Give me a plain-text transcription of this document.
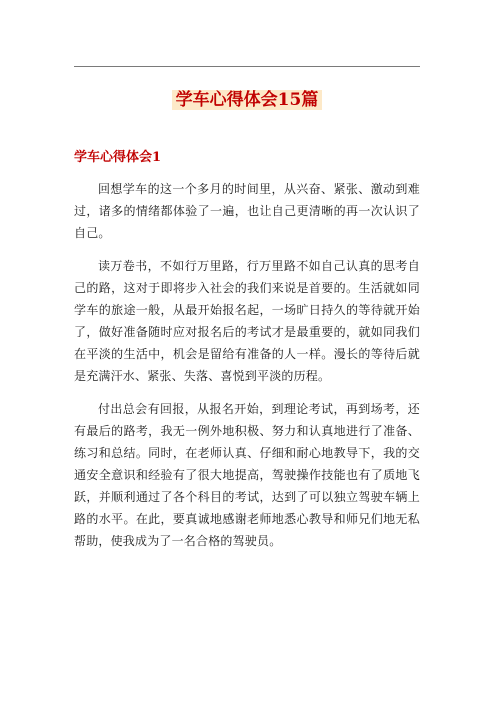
学车心得体会15篇
学车心得体会1

回想学车的这一个多月的时间里，从兴奋、紧张、激动到难过，诸多的情绪都体验了一遍，也让自己更清晰的再一次认识了自己。

读万卷书，不如行万里路，行万里路不如自己认真的思考自己的路，这对于即将步入社会的我们来说是首要的。生活就如同学车的旅途一般，从最开始报名起，一场旷日持久的等待就开始了，做好准备随时应对报名后的考试才是最重要的，就如同我们在平淡的生活中，机会是留给有准备的人一样。漫长的等待后就是充满汗水、紧张、失落、喜悦到平淡的历程。

付出总会有回报，从报名开始，到理论考试，再到场考，还有最后的路考，我无一例外地积极、努力和认真地进行了准备、练习和总结。同时，在老师认真、仔细和耐心地教导下，我的交通安全意识和经验有了很大地提高，驾驶操作技能也有了质地飞跃，并顺利通过了各个科目的考试，达到了可以独立驾驶车辆上路的水平。在此，要真诚地感谢老师地悉心教导和师兄们地无私帮助，使我成为了一名合格的驾驶员。
